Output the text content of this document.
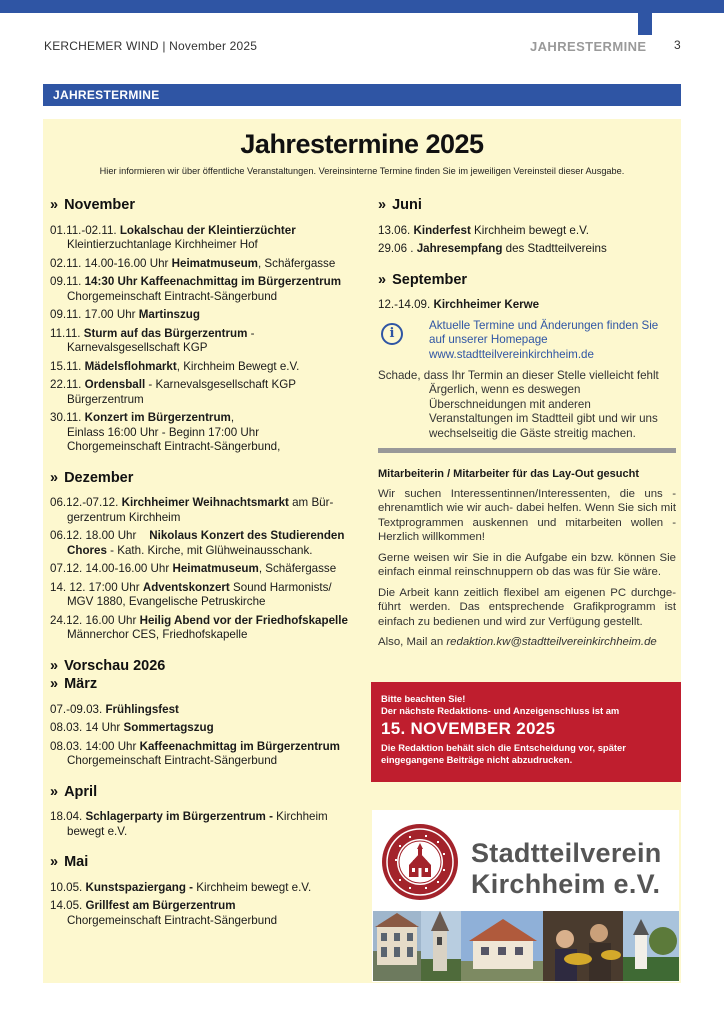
KERCHEMER WIND | November 2025	JAHRESTERMINE 3
JAHRESTERMINE
Jahrestermine 2025
Hier informieren wir über öffentliche Veranstaltungen. Vereinsinterne Termine finden Sie im jeweiligen Vereinsteil dieser Ausgabe.
» November
01.11.-02.11. Lokalschau der Kleintierzüchter
Kleintierzuchtanlage Kirchheimer Hof
02.11. 14.00-16.00 Uhr Heimatmuseum, Schäfergasse
09.11. 14:30 Uhr Kaffeenachmittag im Bürgerzentrum
Chorgemeinschaft Eintracht-Sängerbund
09.11. 17.00 Uhr Martinszug
11.11. Sturm auf das Bürgerzentrum -
Karnevalsgesellschaft KGP
15.11. Mädelsflohmarkt, Kirchheim Bewegt e.V.
22.11. Ordensball - Karnevalsgesellschaft KGP
Bürgerzentrum
30.11. Konzert im Bürgerzentrum,
Einlass 16:00 Uhr - Beginn 17:00 Uhr
Chorgemeinschaft Eintracht-Sängerbund,
» Dezember
06.12.-07.12. Kirchheimer Weihnachtsmarkt am Bür-
gerzentrum Kirchheim
06.12. 18.00 Uhr Nikolaus Konzert des Studierenden
Chores - Kath. Kirche, mit Glühweinausschank.
07.12. 14.00-16.00 Uhr Heimatmuseum, Schäfergasse
14. 12. 17:00 Uhr Adventskonzert Sound Harmonists/
MGV 1880, Evangelische Petruskirche
24.12. 16.00 Uhr Heilig Abend vor der Friedhofskapelle
Männerchor CES, Friedhofskapelle
» Vorschau 2026
» März
07.-09.03. Frühlingsfest
08.03. 14 Uhr Sommertagszug
08.03. 14:00 Uhr Kaffeenachmittag im Bürgerzentrum
Chorgemeinschaft Eintracht-Sängerbund
» April
18.04. Schlagerparty im Bürgerzentrum - Kirchheim
bewegt e.V.
» Mai
10.05. Kunstspaziergang - Kirchheim bewegt e.V.
14.05. Grillfest am Bürgerzentrum
Chorgemeinschaft Eintracht-Sängerbund
» Juni
13.06. Kinderfest Kirchheim bewegt e.V.
29.06 . Jahresempfang des Stadtteilvereins
» September
12.-14.09. Kirchheimer Kerwe
i
Aktuelle Termine und Änderungen finden Sie
auf unserer Homepage
www.stadtteilvereinkirchheim.de
Schade, dass Ihr Termin an dieser Stelle vielleicht fehlt
Ärgerlich, wenn es deswegen
Überschneidungen mit anderen
Veranstaltungen im Stadtteil gibt und wir uns
wechselseitig die Gäste streitig machen.
Mitarbeiterin / Mitarbeiter für das Lay-Out gesucht
Wir suchen Interessentinnen/Interessenten, die uns - ehrenamtlich wie wir auch- dabei helfen. Wenn Sie sich mit Textprogrammen auskennen und mitarbeiten wollen -Herzlich willkommen!
Gerne weisen wir Sie in die Aufgabe ein bzw. können Sie einfach einmal reinschnuppern ob das was für Sie wäre.
Die Arbeit kann zeitlich flexibel am eigenen PC durchge-führt werden. Das entsprechende Grafikprogramm ist einfach zu bedienen und wird zur Verfügung gestellt.
Also, Mail an redaktion.kw@stadtteilvereinkirchheim.de
Bitte beachten Sie!
Der nächste Redaktions- und Anzeigenschluss ist am
15. NOVEMBER 2025
Die Redaktion behält sich die Entscheidung vor, später
eingegangene Beiträge nicht abzudrucken.
1922 Stadtteilverein
Kirchheim e.V.
